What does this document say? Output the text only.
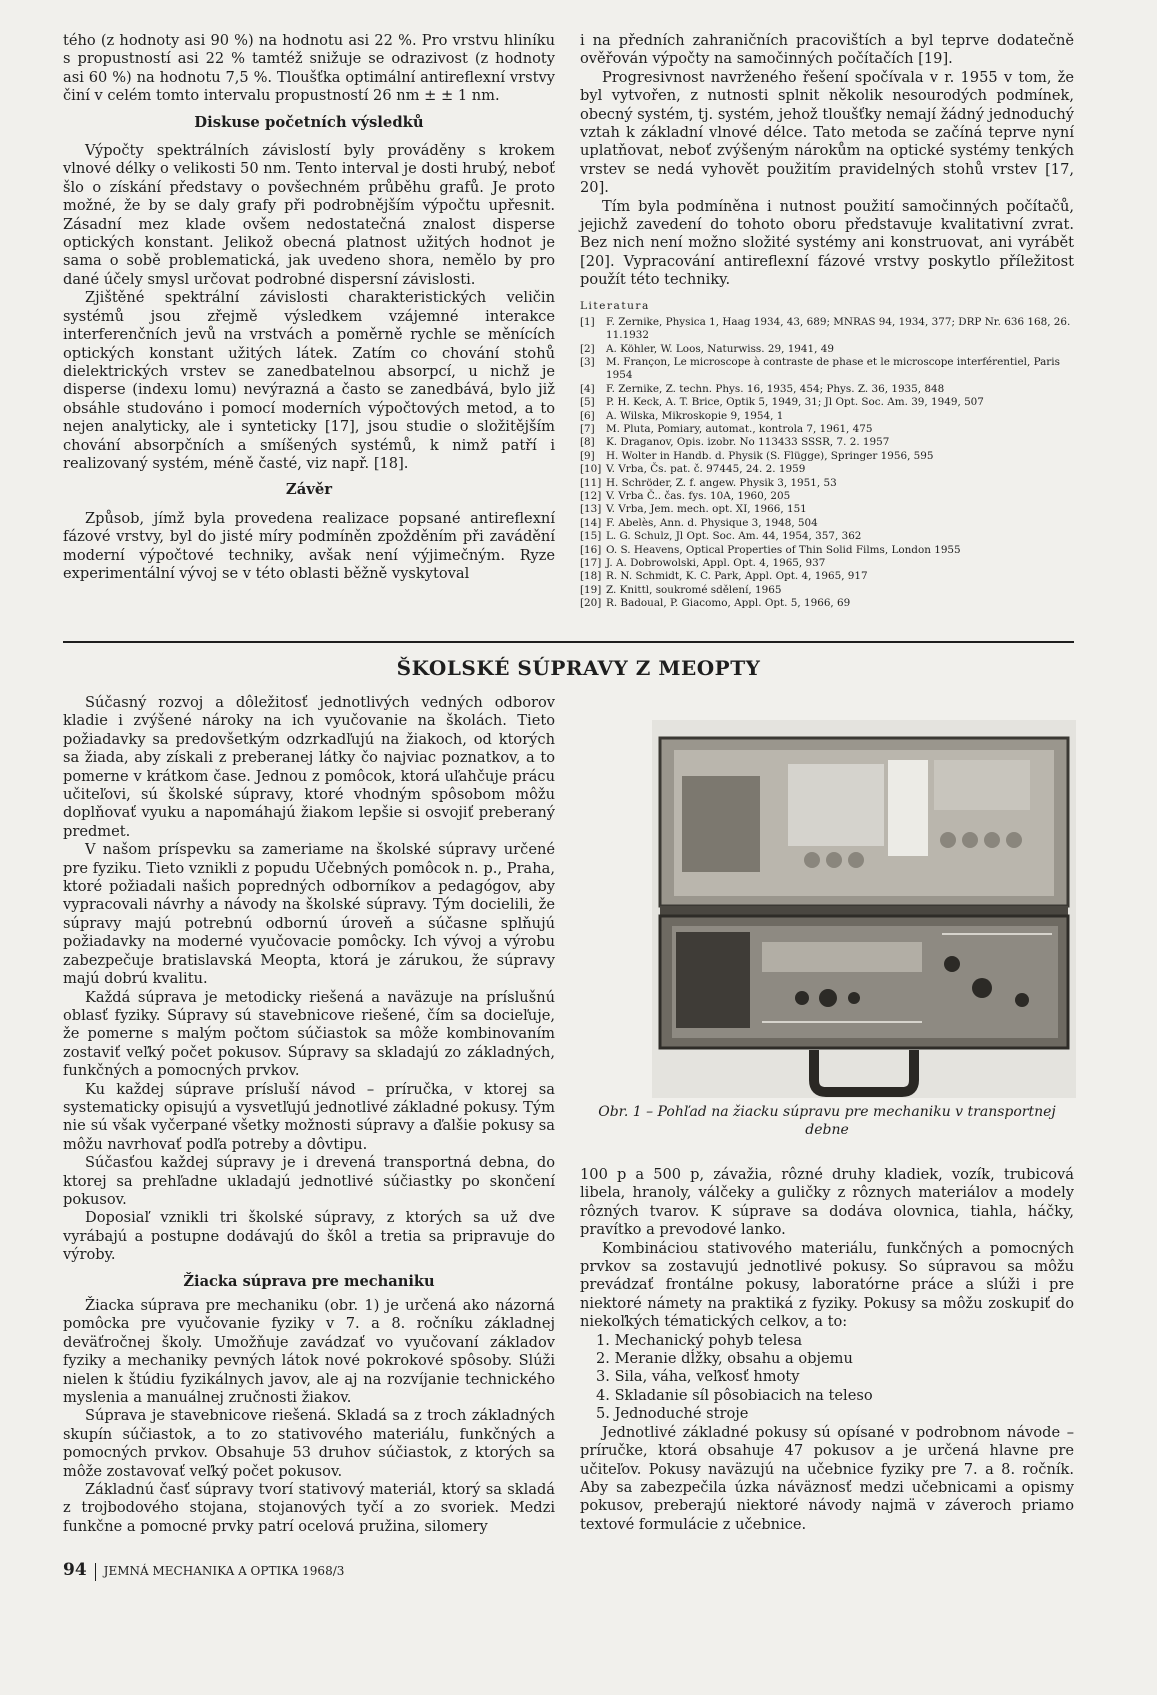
tého (z hodnoty asi 90 %) na hodnotu asi 22 %. Pro vrstvu hliníku s propustností asi 22 % tamtéž snižuje se odrazivost (z hodnoty asi 60 %) na hodnotu 7,5 %. Tloušťka optimální antireflexní vrstvy činí v celém tomto intervalu propustností 26 nm ± ± 1 nm.

Diskuse početních výsledků

Výpočty spektrálních závislostí byly prováděny s krokem vlnové délky o velikosti 50 nm. Tento interval je dosti hrubý, neboť šlo o získání představy o povšechném průběhu grafů. Je proto možné, že by se daly grafy při podrobnějším výpočtu upřesnit. Zásadní mez klade ovšem nedostatečná znalost disperse optických konstant. Jelikož obecná platnost užitých hodnot je sama o sobě problematická, jak uvedeno shora, nemělo by pro dané účely smysl určovat podrobné dispersní závislosti.

Zjištěné spektrální závislosti charakteristických veličin systémů jsou zřejmě výsledkem vzájemné interakce interferenčních jevů na vrstvách a poměrně rychle se měnících optických konstant užitých látek. Zatím co chování stohů dielektrických vrstev se zanedbatelnou absorpcí, u nichž je disperse (indexu lomu) nevýrazná a často se zanedbává, bylo již obsáhle studováno i pomocí moderních výpočtových metod, a to nejen analyticky, ale i synteticky [17], jsou studie o složitějším chování absorpčních a smíšených systémů, k nimž patří i realizovaný systém, méně časté, viz např. [18].

Závěr

Způsob, jímž byla provedena realizace popsané antireflexní fázové vrstvy, byl do jisté míry podmíněn zpožděním při zavádění moderní výpočtové techniky, avšak není výjimečným. Ryze experimentální vývoj se v této oblasti běžně vyskytoval

i na předních zahraničních pracovištích a byl teprve dodatečně ověřován výpočty na samočinných počítačích [19].

Progresivnost navrženého řešení spočívala v r. 1955 v tom, že byl vytvořen, z nutnosti splnit několik nesourodých podmínek, obecný systém, tj. systém, jehož tloušťky nemají žádný jednoduchý vztah k základní vlnové délce. Tato metoda se začíná teprve nyní uplatňovat, neboť zvýšeným nárokům na optické systémy tenkých vrstev se nedá vyhovět použitím pravidelných stohů vrstev [17, 20].

Tím byla podmíněna i nutnost použití samočinných počítačů, jejichž zavedení do tohoto oboru představuje kvalitativní zvrat. Bez nich není možno složité systémy ani konstruovat, ani vyrábět [20]. Vypracování antireflexní fázové vrstvy poskytlo příležitost použít této techniky.

Literatura
[1]	F. Zernike, Physica 1, Haag 1934, 43, 689; MNRAS 94, 1934, 377; DRP Nr. 636 168, 26. 11.1932
[2]	A. Köhler, W. Loos, Naturwiss. 29, 1941, 49
[3]	M. Françon, Le microscope à contraste de phase et le microscope interférentiel, Paris 1954
[4]	F. Zernike, Z. techn. Phys. 16, 1935, 454; Phys. Z. 36, 1935, 848
[5]	P. H. Keck, A. T. Brice, Optik 5, 1949, 31; Jl Opt. Soc. Am. 39, 1949, 507
[6]	A. Wilska, Mikroskopie 9, 1954, 1
[7]	M. Pluta, Pomiary, automat., kontrola 7, 1961, 475
[8]	K. Draganov, Opis. izobr. No 113433 SSSR, 7. 2. 1957
[9]	H. Wolter in Handb. d. Physik (S. Flügge), Springer 1956, 595
[10] V. Vrba, Čs. pat. č. 97445, 24. 2. 1959
[11] H. Schröder, Z. f. angew. Physik 3, 1951, 53
[12] V. Vrba Č.. čas. fys. 10A, 1960, 205
[13] V. Vrba, Jem. mech. opt. XI, 1966, 151
[14] F. Abelès, Ann. d. Physique 3, 1948, 504
[15] L. G. Schulz, Jl Opt. Soc. Am. 44, 1954, 357, 362
[16] O. S. Heavens, Optical Properties of Thin Solid Films, London 1955
[17] J. A. Dobrowolski, Appl. Opt. 4, 1965, 937
[18] R. N. Schmidt, K. C. Park, Appl. Opt. 4, 1965, 917
[19] Z. Knittl, soukromé sdělení, 1965
[20] R. Badoual, P. Giacomo, Appl. Opt. 5, 1966, 69
ŠKOLSKÉ SÚPRAVY Z MEOPTY

Súčasný rozvoj a dôležitosť jednotlivých vedných odborov kladie i zvýšené nároky na ich vyučovanie na školách. Tieto požiadavky sa predovšetkým odzrkadľujú na žiakoch, od ktorých sa žiada, aby získali z preberanej látky čo najviac poznatkov, a to pomerne v krátkom čase. Jednou z pomôcok, ktorá uľahčuje prácu učiteľovi, sú školské súpravy, ktoré vhodným spôsobom môžu doplňovať vyuku a napomáhajú žiakom lepšie si osvojiť preberaný predmet.

V našom príspevku sa zameriame na školské súpravy určené pre fyziku. Tieto vznikli z popudu Učebných pomôcok n. p., Praha, ktoré požiadali našich popredných odborníkov a pedagógov, aby vypracovali návrhy a návody na školské súpravy. Tým docielili, že súpravy majú potrebnú odbornú úroveň a súčasne splňujú požiadavky na moderné vyučovacie pomôcky. Ich vývoj a výrobu zabezpečuje bratislavská Meopta, ktorá je zárukou, že súpravy majú dobrú kvalitu.

Každá súprava je metodicky riešená a naväzuje na príslušnú oblasť fyziky. Súpravy sú stavebnicove riešené, čím sa docieľuje, že pomerne s malým počtom súčiastok sa môže kombinovaním zostaviť veľký počet pokusov. Súpravy sa skladajú zo základných, funkčných a pomocných prvkov.

Ku každej súprave prísluší návod – príručka, v ktorej sa systematicky opisujú a vysvetľujú jednotlivé základné pokusy. Tým nie sú však vyčerpané všetky možnosti súpravy a ďalšie pokusy sa môžu navrhovať podľa potreby a dôvtipu.

Súčasťou každej súpravy je i drevená transportná debna, do ktorej sa prehľadne ukladajú jednotlivé súčiastky po skončení pokusov.

Doposiaľ vznikli tri školské súpravy, z ktorých sa už dve vyrábajú a postupne dodávajú do škôl a tretia sa pripravuje do výroby.

Žiacka súprava pre mechaniku

Žiacka súprava pre mechaniku (obr. 1) je určená ako názorná pomôcka pre vyučovanie fyziky v 7. a 8. ročníku základnej deväťročnej školy. Umožňuje zavádzať vo vyučovaní základov fyziky a mechaniky pevných látok nové pokrokové spôsoby. Slúži nielen k štúdiu fyzikálnych javov, ale aj na rozvíjanie technického myslenia a manuálnej zručnosti žiakov.

Súprava je stavebnicove riešená. Skladá sa z troch základných skupín súčiastok, a to zo stativového materiálu, funkčných a pomocných prvkov. Obsahuje 53 druhov súčiastok, z ktorých sa môže zostavovať veľký počet pokusov.

Základnú časť súpravy tvorí stativový materiál, ktorý sa skladá z trojbodového stojana, stojanových tyčí a zo svoriek. Medzi funkčne a pomocné prvky patrí ocelová pružina, silomery

Obr. 1 – Pohľad na žiacku súpravu pre mechaniku v transportnej debne

100 p a 500 p, závažia, rôzné druhy kladiek, vozík, trubicová libela, hranoly, válčeky a guličky z rôznych materiálov a modely rôzných tvarov. K súprave sa dodáva olovnica, tiahla, háčky, pravítko a prevodové lanko.

Kombináciou stativového materiálu, funkčných a pomocných prvkov sa zostavujú jednotlivé pokusy. So súpravou sa môžu prevádzať frontálne pokusy, laboratórne práce a slúži i pre niektoré námety na praktiká z fyziky. Pokusy sa môžu zoskupiť do niekoľkých tématických celkov, a to:

1. Mechanický pohyb telesa
2. Meranie dĺžky, obsahu a objemu
3. Sila, váha, veľkosť hmoty
4. Skladanie síl pôsobiacich na teleso
5. Jednoduché stroje

Jednotlivé základné pokusy sú opísané v podrobnom návode – príručke, ktorá obsahuje 47 pokusov a je určená hlavne pre učiteľov. Pokusy naväzujú na učebnice fyziky pre 7. a 8. ročník. Aby sa zabezpečila úzka náväznosť medzi učebnicami a opismy pokusov, preberajú niektoré návody najmä v záveroch priamo textové formulácie z učebnice.

94 JEMNÁ MECHANIKA A OPTIKA 1968/3
